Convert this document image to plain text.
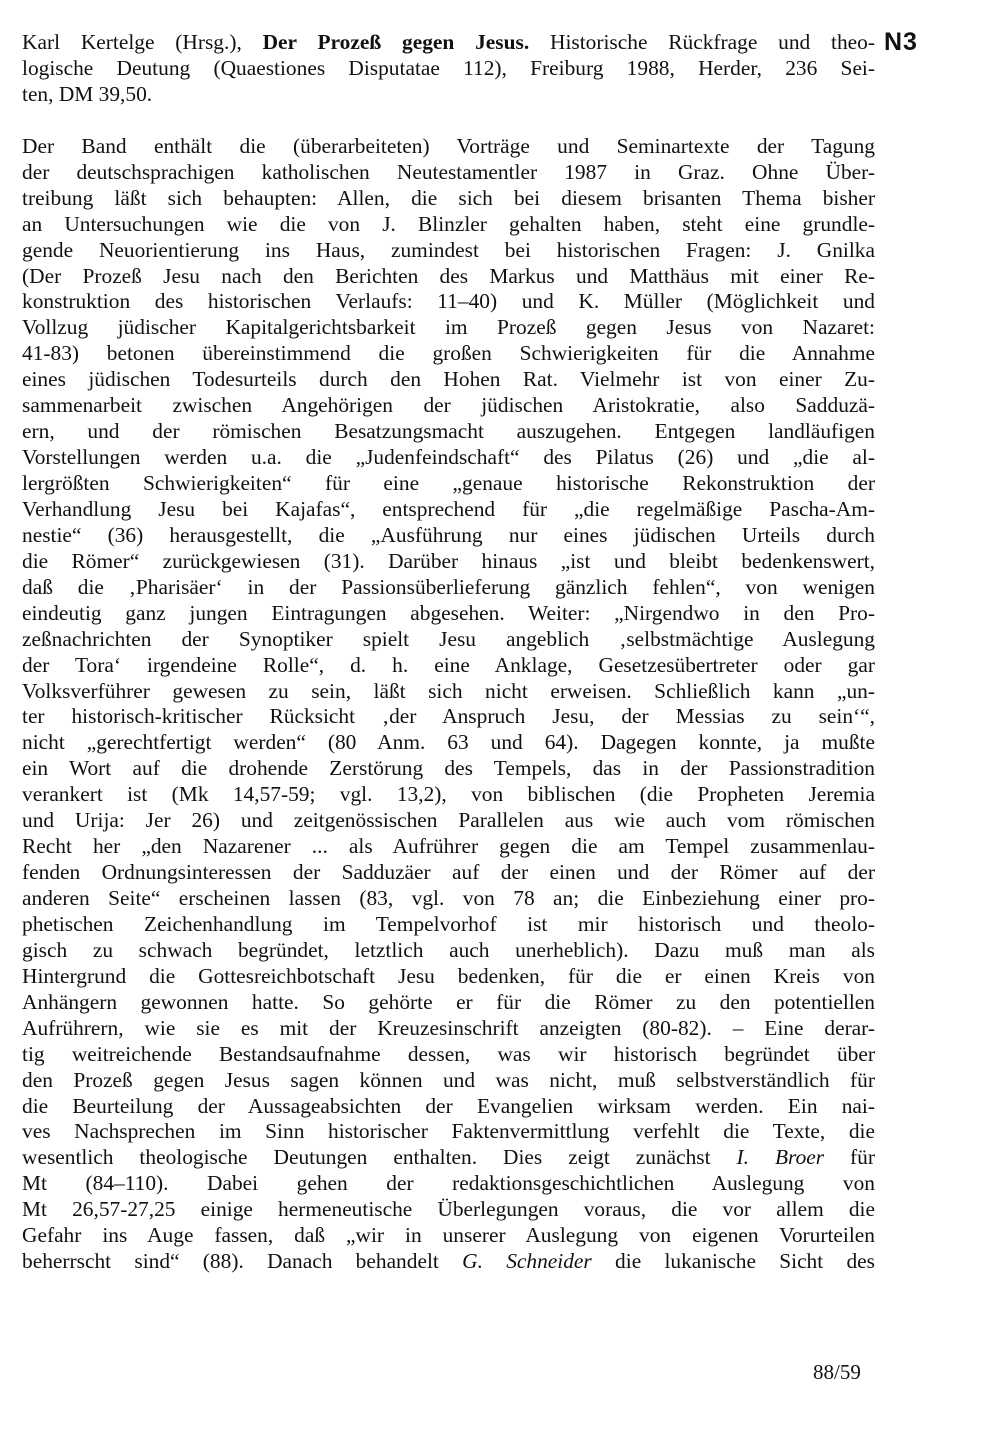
N3
Karl Kertelge (Hrsg.), Der Prozeß gegen Jesus. Historische Rückfrage und theo-
logische Deutung (Quaestiones Disputatae 112), Freiburg 1988, Herder, 236 Sei-
ten, DM 39,50.
Der Band enthält die (überarbeiteten) Vorträge und Seminartexte der Tagung
der deutschsprachigen katholischen Neutestamentler 1987 in Graz. Ohne Über-
treibung läßt sich behaupten: Allen, die sich bei diesem brisanten Thema bisher
an Untersuchungen wie die von J. Blinzler gehalten haben, steht eine grundle-
gende Neuorientierung ins Haus, zumindest bei historischen Fragen: J. Gnilka
(Der Prozeß Jesu nach den Berichten des Markus und Matthäus mit einer Re-
konstruktion des historischen Verlaufs: 11–40) und K. Müller (Möglichkeit und
Vollzug jüdischer Kapitalgerichtsbarkeit im Prozeß gegen Jesus von Nazaret:
41-83) betonen übereinstimmend die großen Schwierigkeiten für die Annahme
eines jüdischen Todesurteils durch den Hohen Rat. Vielmehr ist von einer Zu-
sammenarbeit zwischen Angehörigen der jüdischen Aristokratie, also Sadduzä-
ern, und der römischen Besatzungsmacht auszugehen. Entgegen landläufigen
Vorstellungen werden u.a. die „Judenfeindschaft“ des Pilatus (26) und „die al-
lergrößten Schwierigkeiten“ für eine „genaue historische Rekonstruktion der
Verhandlung Jesu bei Kajafas“, entsprechend für „die regelmäßige Pascha-Am-
nestie“ (36) herausgestellt, die „Ausführung nur eines jüdischen Urteils durch
die Römer“ zurückgewiesen (31). Darüber hinaus „ist und bleibt bedenkenswert,
daß die ‚Pharisäer‘ in der Passionsüberlieferung gänzlich fehlen“, von wenigen
eindeutig ganz jungen Eintragungen abgesehen. Weiter: „Nirgendwo in den Pro-
zeßnachrichten der Synoptiker spielt Jesu angeblich ‚selbstmächtige Auslegung
der Tora‘ irgendeine Rolle“, d. h. eine Anklage, Gesetzesübertreter oder gar
Volksverführer gewesen zu sein, läßt sich nicht erweisen. Schließlich kann „un-
ter historisch-kritischer Rücksicht ‚der Anspruch Jesu, der Messias zu sein‘“,
nicht „gerechtfertigt werden“ (80 Anm. 63 und 64). Dagegen konnte, ja mußte
ein Wort auf die drohende Zerstörung des Tempels, das in der Passionstradition
verankert ist (Mk 14,57-59; vgl. 13,2), von biblischen (die Propheten Jeremia
und Urija: Jer 26) und zeitgenössischen Parallelen aus wie auch vom römischen
Recht her „den Nazarener ... als Aufrührer gegen die am Tempel zusammenlau-
fenden Ordnungsinteressen der Sadduzäer auf der einen und der Römer auf der
anderen Seite“ erscheinen lassen (83, vgl. von 78 an; die Einbeziehung einer pro-
phetischen Zeichenhandlung im Tempelvorhof ist mir historisch und theolo-
gisch zu schwach begründet, letztlich auch unerheblich). Dazu muß man als
Hintergrund die Gottesreichbotschaft Jesu bedenken, für die er einen Kreis von
Anhängern gewonnen hatte. So gehörte er für die Römer zu den potentiellen
Aufrührern, wie sie es mit der Kreuzesinschrift anzeigten (80-82). – Eine derar-
tig weitreichende Bestandsaufnahme dessen, was wir historisch begründet über
den Prozeß gegen Jesus sagen können und was nicht, muß selbstverständlich für
die Beurteilung der Aussageabsichten der Evangelien wirksam werden. Ein nai-
ves Nachsprechen im Sinn historischer Faktenvermittlung verfehlt die Texte, die
wesentlich theologische Deutungen enthalten. Dies zeigt zunächst I. Broer für
Mt (84–110). Dabei gehen der redaktionsgeschichtlichen Auslegung von
Mt 26,57-27,25 einige hermeneutische Überlegungen voraus, die vor allem die
Gefahr ins Auge fassen, daß „wir in unserer Auslegung von eigenen Vorurteilen
beherrscht sind“ (88). Danach behandelt G. Schneider die lukanische Sicht des
88/59
